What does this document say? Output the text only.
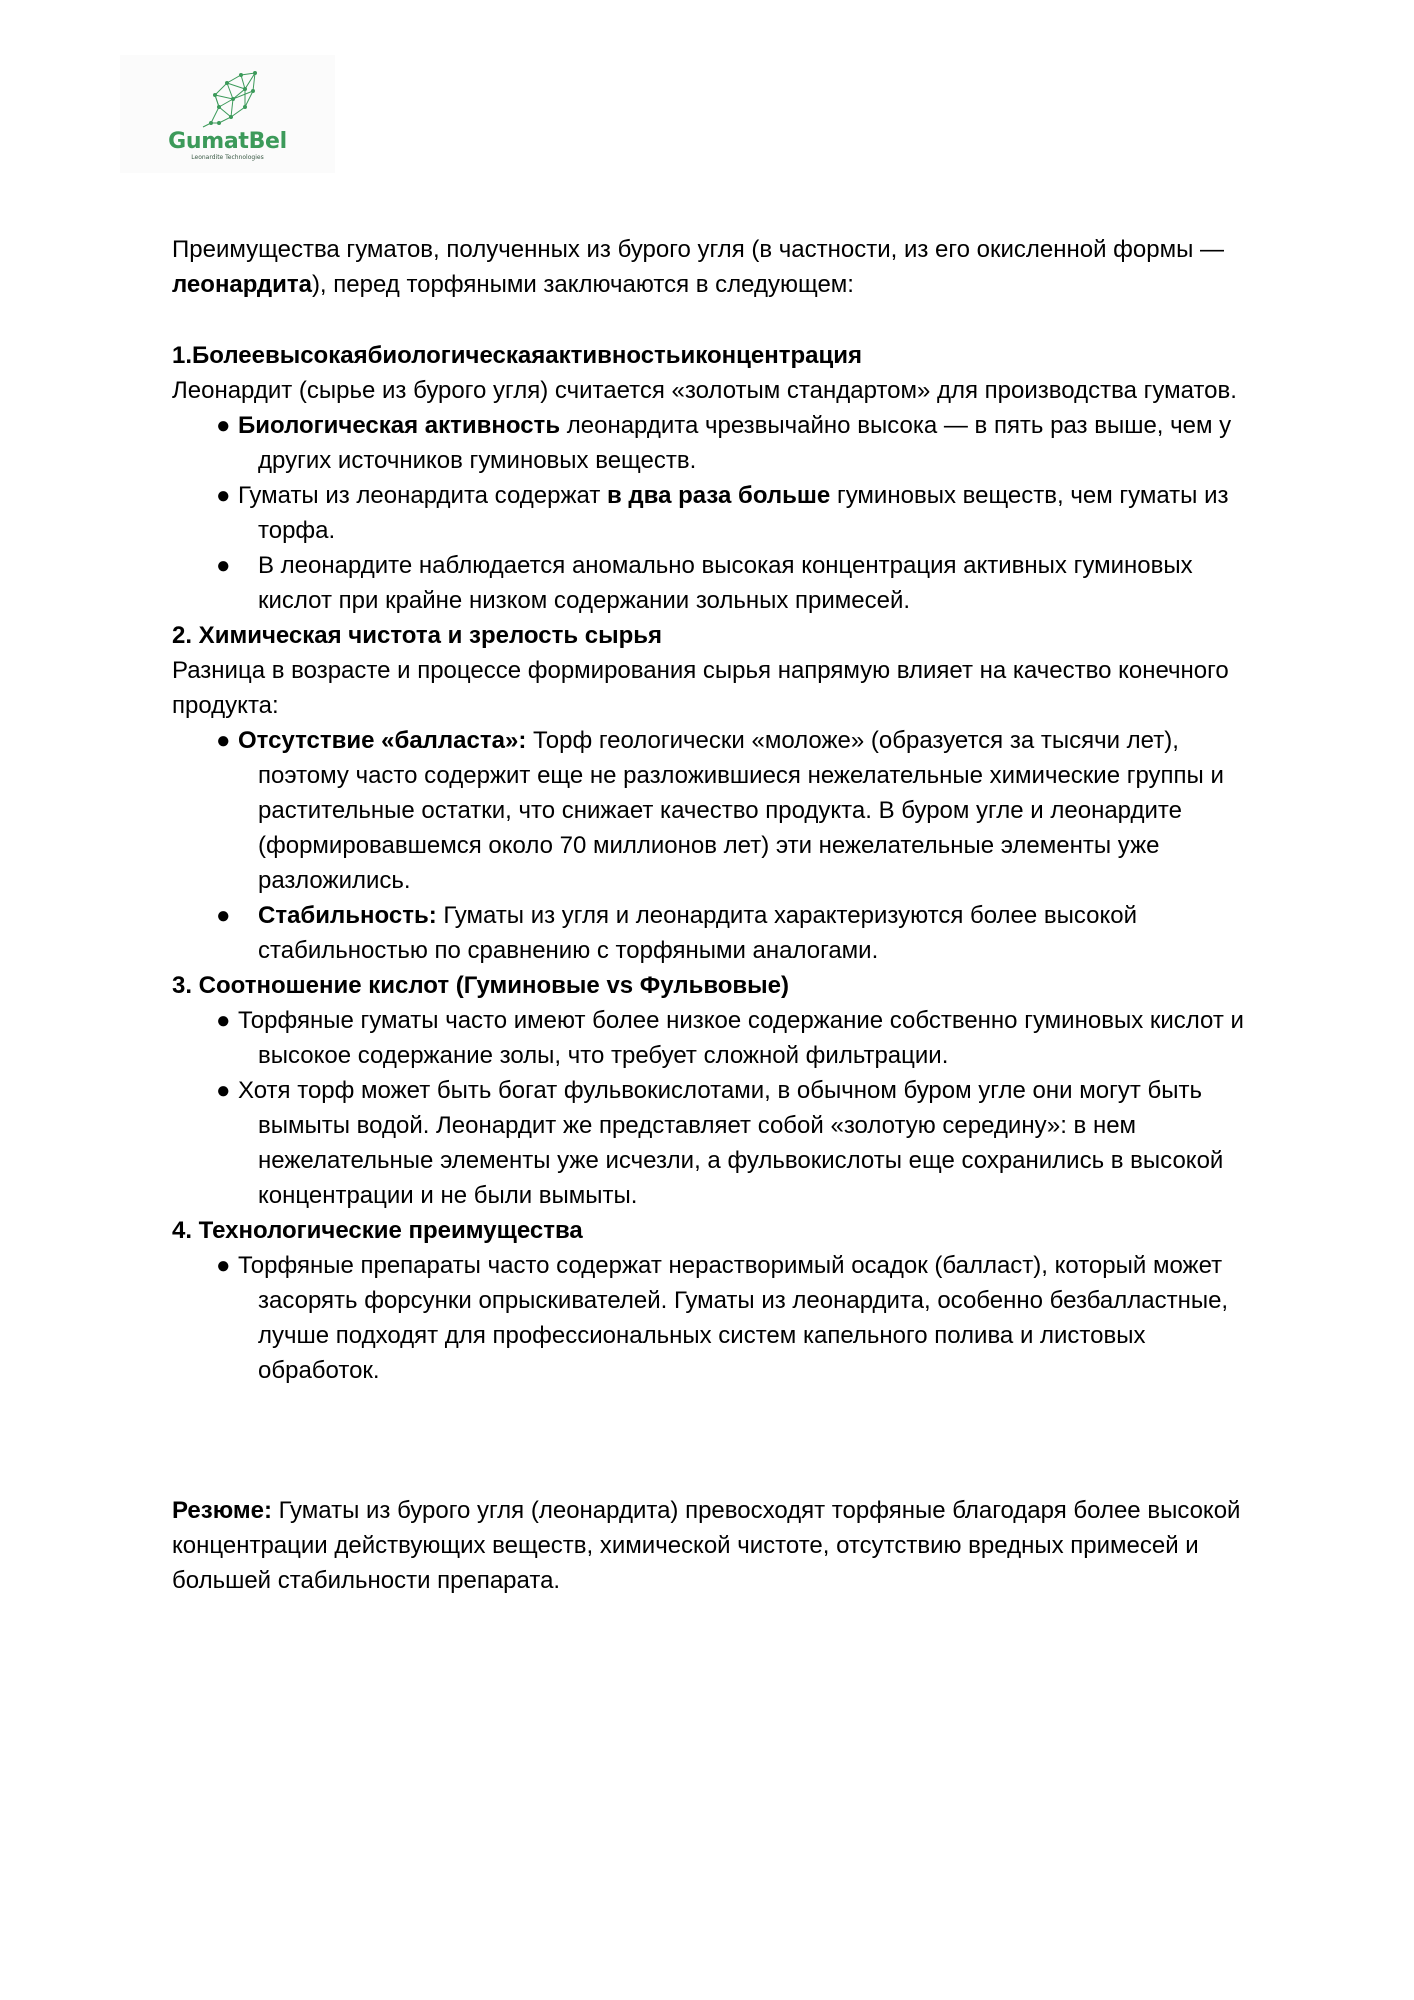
GumatBel
Leonardite Technologies

Преимущества гуматов, полученных из бурого угля (в частности, из его окисленной формы — леонардита), перед торфяными заключаются в следующем:

1.Болеевысокаябиологическаяактивностьиконцентрация

Леонардит (сырье из бурого угля) считается «золотым стандартом» для производства гуматов.

● Биологическая активность леонардита чрезвычайно высока — в пять раз выше, чем у других источников гуминовых веществ.
● Гуматы из леонардита содержат в два раза больше гуминовых веществ, чем гуматы из торфа.
● В леонардите наблюдается аномально высокая концентрация активных гуминовых кислот при крайне низком содержании зольных примесей.

2. Химическая чистота и зрелость сырья

Разница в возрасте и процессе формирования сырья напрямую влияет на качество конечного продукта:

● Отсутствие «балласта»: Торф геологически «моложе» (образуется за тысячи лет), поэтому часто содержит еще не разложившиеся нежелательные химические группы и растительные остатки, что снижает качество продукта. В буром угле и леонардите (формировавшемся около 70 миллионов лет) эти нежелательные элементы уже разложились.
● Стабильность: Гуматы из угля и леонардита характеризуются более высокой стабильностью по сравнению с торфяными аналогами.

3. Соотношение кислот (Гуминовые vs Фульвовые)

● Торфяные гуматы часто имеют более низкое содержание собственно гуминовых кислот и высокое содержание золы, что требует сложной фильтрации.
● Хотя торф может быть богат фульвокислотами, в обычном буром угле они могут быть вымыты водой. Леонардит же представляет собой «золотую середину»: в нем нежелательные элементы уже исчезли, а фульвокислоты еще сохранились в высокой концентрации и не были вымыты.

4. Технологические преимущества

● Торфяные препараты часто содержат нерастворимый осадок (балласт), который может засорять форсунки опрыскивателей. Гуматы из леонардита, особенно безбалластные, лучше подходят для профессиональных систем капельного полива и листовых обработок.

Резюме: Гуматы из бурого угля (леонардита) превосходят торфяные благодаря более высокой концентрации действующих веществ, химической чистоте, отсутствию вредных примесей и большей стабильности препарата.
